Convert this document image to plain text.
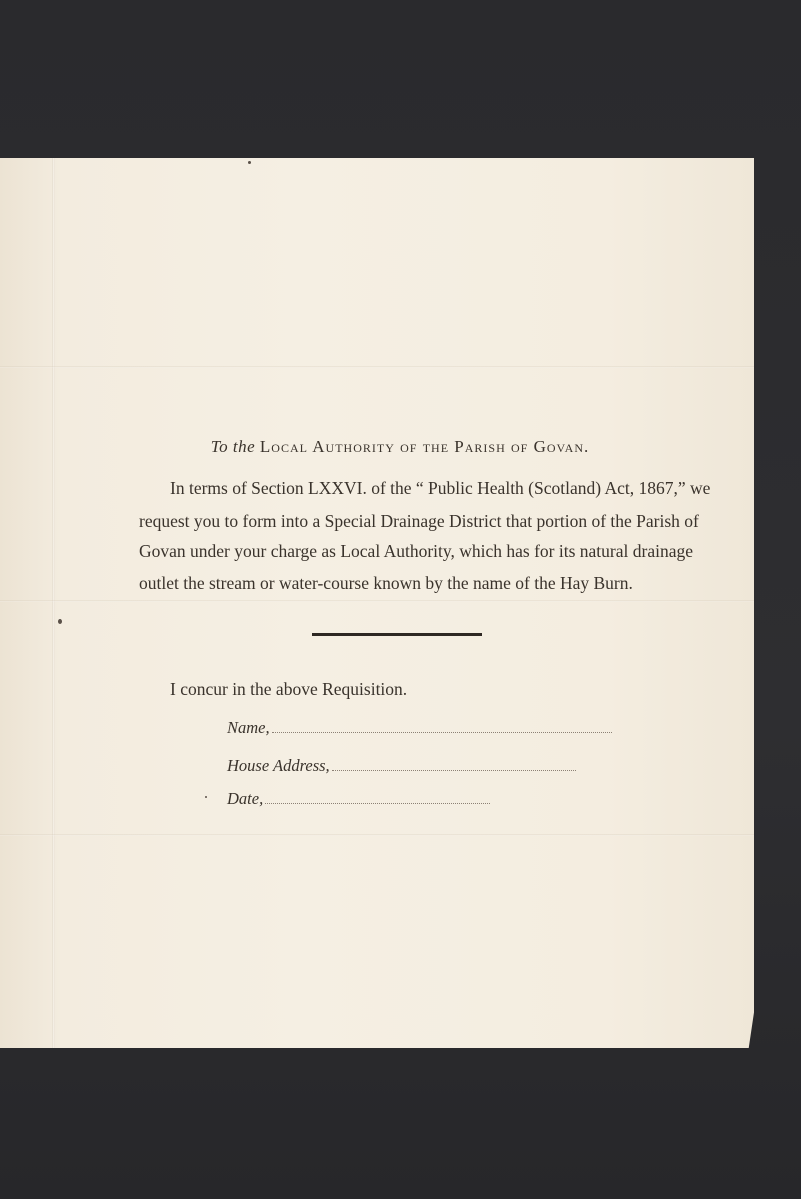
To the Local Authority of the Parish of Govan.
In terms of Section LXXVI. of the “ Public Health (Scotland) Act, 1867,” we
request you to form into a Special Drainage District that portion of the Parish of
Govan under your charge as Local Authority, which has for its natural drainage
outlet the stream or water-course known by the name of the Hay Burn.
I concur in the above Requisition.
Name,
House Address,
Date,
